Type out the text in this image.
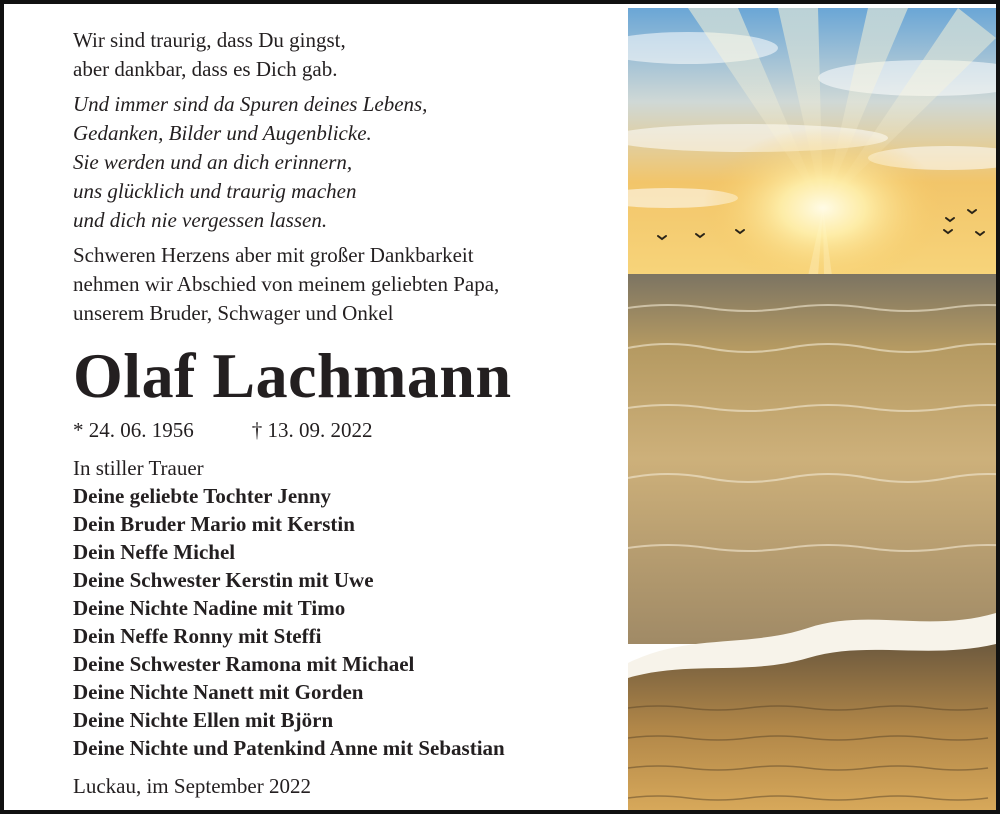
Wir sind traurig, dass Du gingst,
aber dankbar, dass es Dich gab.
Und immer sind da Spuren deines Lebens,
Gedanken, Bilder und Augenblicke.
Sie werden und an dich erinnern,
uns glücklich und traurig machen
und dich nie vergessen lassen.
Schweren Herzens aber mit großer Dankbarkeit
nehmen wir Abschied von meinem geliebten Papa,
unserem Bruder, Schwager und Onkel
Olaf Lachmann
* 24. 06. 1956	† 13. 09. 2022
In stiller Trauer
Deine geliebte Tochter Jenny
Dein Bruder Mario mit Kerstin
Dein Neffe Michel
Deine Schwester Kerstin mit Uwe
Deine Nichte Nadine mit Timo
Dein Neffe Ronny mit Steffi
Deine Schwester Ramona mit Michael
Deine Nichte Nanett mit Gorden
Deine Nichte Ellen mit Björn
Deine Nichte und Patenkind Anne mit Sebastian
Luckau, im September 2022
